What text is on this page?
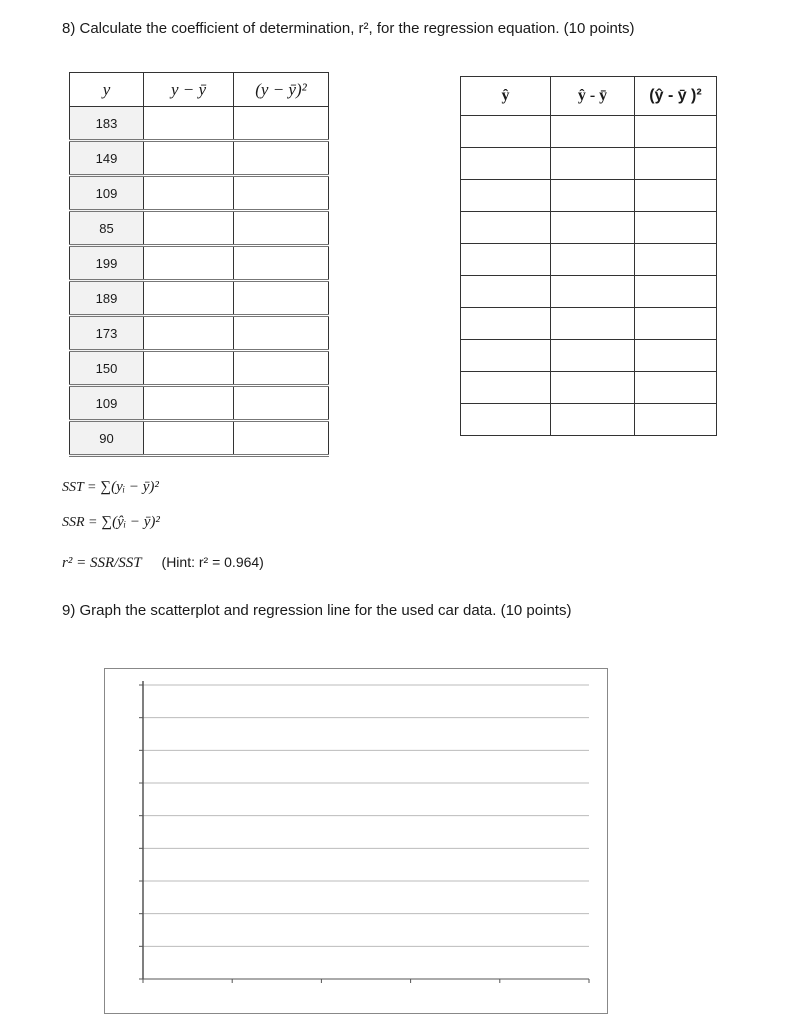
8) Calculate the coefficient of determination, r², for the regression equation. (10 points)
y	y − ȳ	(y − ȳ)²
183		
149		
109		
85		
199		
189		
173		
150		
109		
90		
ŷ	ŷ - ȳ	(ŷ - ȳ )²

SST = ∑(yᵢ − ȳ)²
SSR = ∑(ŷᵢ − ȳ)²
r² = SSR/SST (Hint: r² = 0.964)
9) Graph the scatterplot and regression line for the used car data. (10 points)
